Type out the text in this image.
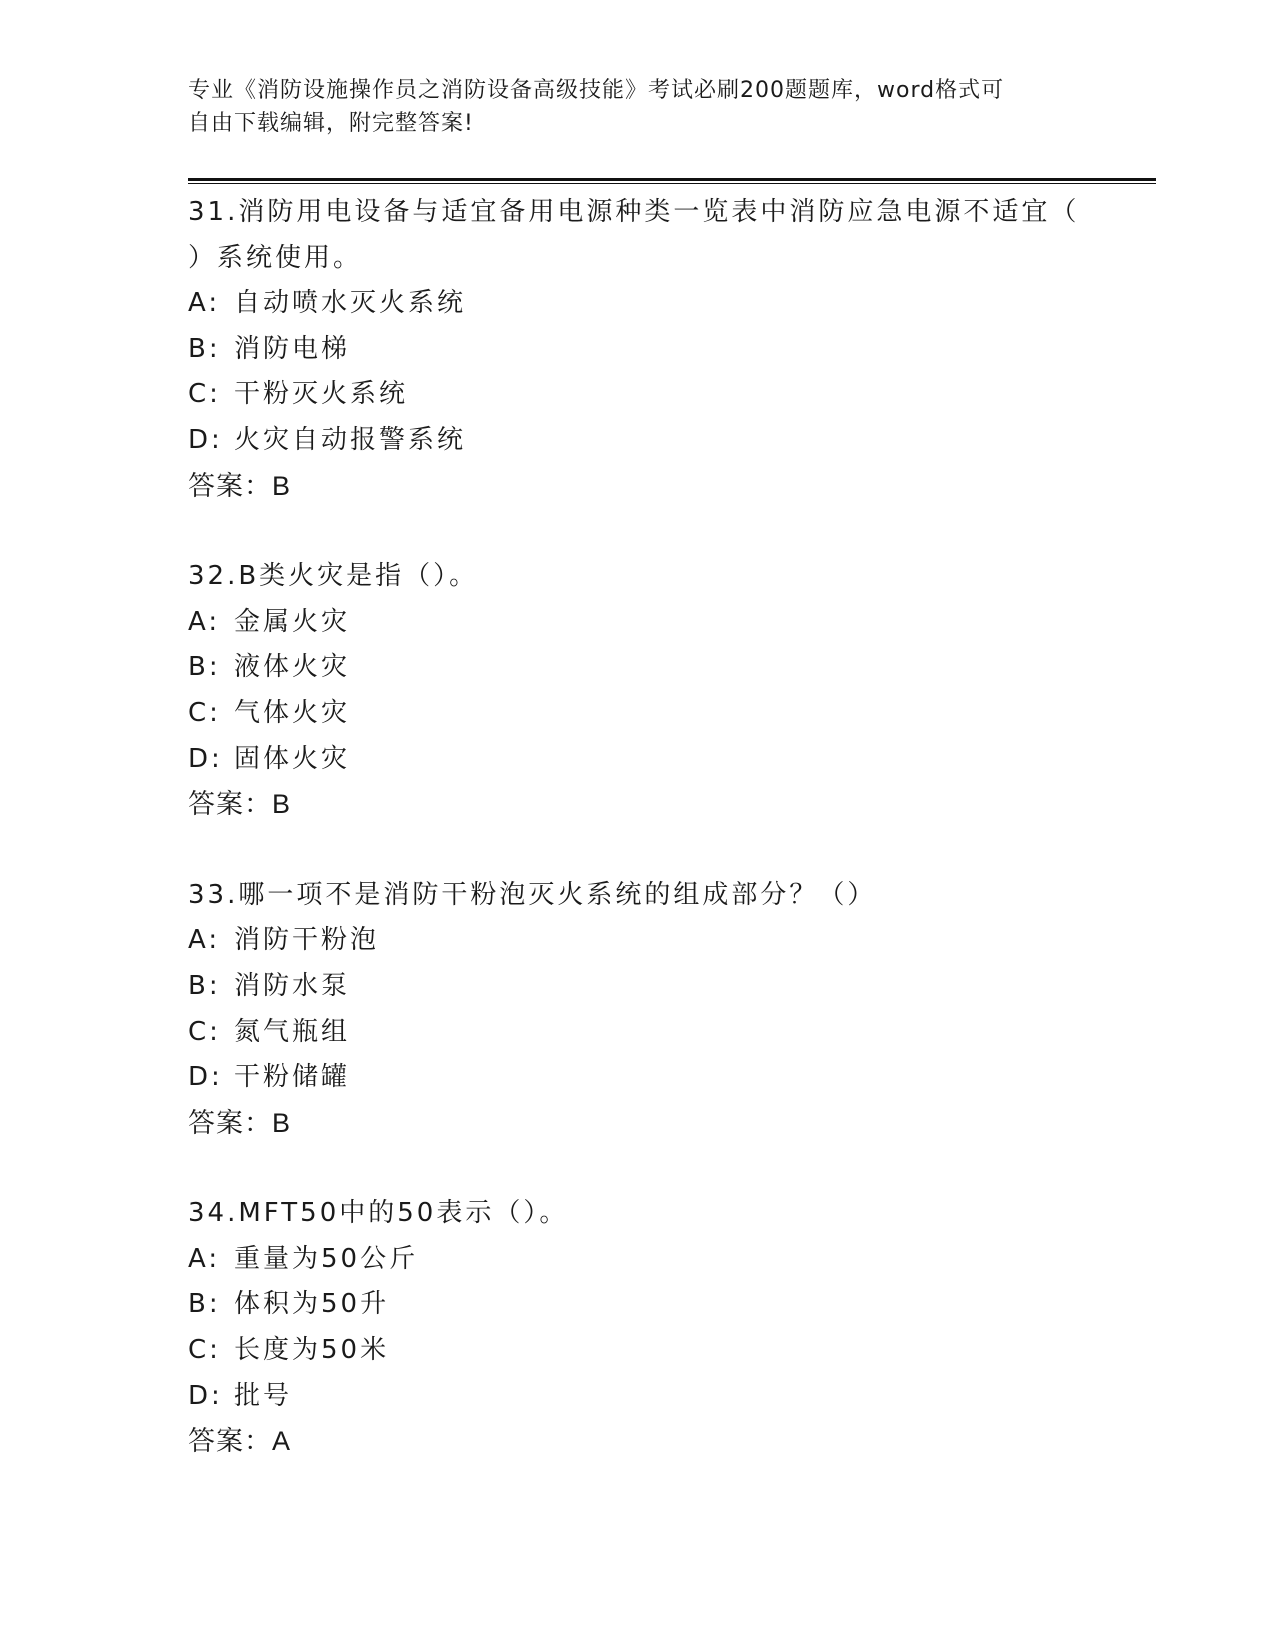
专业《消防设施操作员之消防设备高级技能》考试必刷200题题库，word格式可
自由下载编辑，附完整答案!
31.消防用电设备与适宜备用电源种类一览表中消防应急电源不适宜（
）系统使用。
A: 自动喷水灭火系统
B: 消防电梯
C: 干粉灭火系统
D: 火灾自动报警系统
答案：B
32.B类火灾是指（）。
A: 金属火灾
B: 液体火灾
C: 气体火灾
D: 固体火灾
答案：B
33.哪一项不是消防干粉泡灭火系统的组成部分？（）
A: 消防干粉泡
B: 消防水泵
C: 氮气瓶组
D: 干粉储罐
答案：B
34.MFT50中的50表示（）。
A: 重量为50公斤
B: 体积为50升
C: 长度为50米
D: 批号
答案：A
